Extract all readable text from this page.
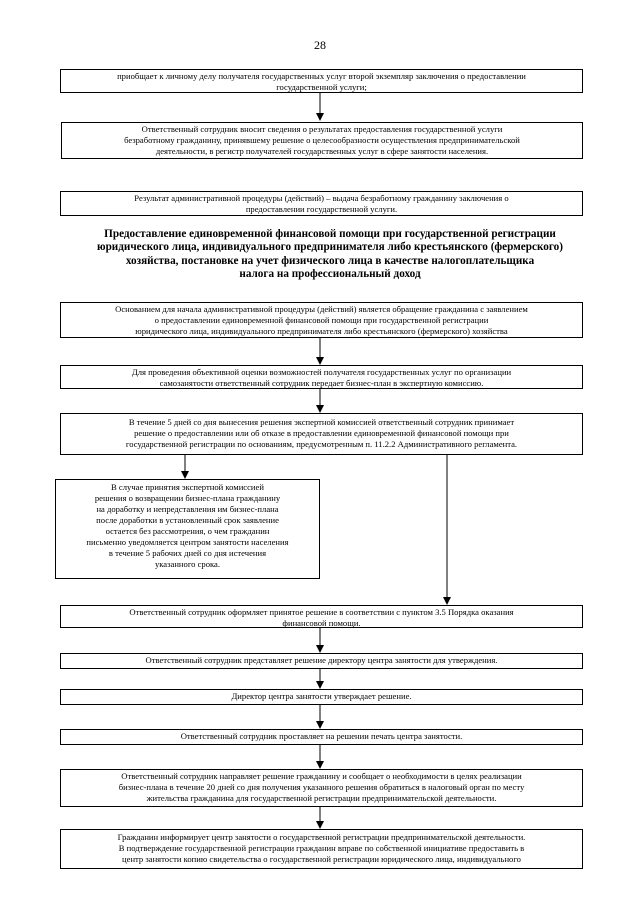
28
приобщает к личному делу получателя государственных услуг второй экземпляр заключения о предоставлении
государственной услуги;
Ответственный сотрудник вносит сведения о результатах предоставления государственной услуги
безработному гражданину, принявшему решение о целесообразности осуществления предпринимательской
деятельности, в регистр получателей государственных услуг в сфере занятости населения.
Результат административной процедуры (действий) – выдача безработному гражданину заключения о
предоставлении государственной услуги.
Предоставление единовременной финансовой помощи при государственной регистрации
юридического лица, индивидуального предпринимателя либо крестьянского (фермерского)
хозяйства, постановке на учет физического лица в качестве налогоплательщика
налога на профессиональный доход
Основанием для начала административной процедуры (действий) является обращение гражданина с заявлением
о предоставлении единовременной финансовой помощи при государственной регистрации
юридического лица, индивидуального предпринимателя либо крестьянского (фермерского) хозяйства
Для проведения объективной оценки возможностей получателя государственных услуг по организации
самозанятости ответственный сотрудник передает бизнес-план в экспертную комиссию.
В течение 5 дней со дня вынесения решения экспертной комиссией ответственный сотрудник принимает
решение о предоставлении или об отказе в предоставлении единовременной финансовой помощи при
государственной регистрации по основаниям, предусмотренным п. 11.2.2 Административного регламента.
В случае принятия экспертной комиссией
решения о возвращении бизнес-плана гражданину
на доработку и непредставления им бизнес-плана
после доработки в установленный срок заявление
остается без рассмотрения, о чем гражданин
письменно уведомляется центром занятости населения
в течение 5 рабочих дней со дня истечения
указанного срока.
Ответственный сотрудник оформляет принятое решение в соответствии с пунктом 3.5 Порядка оказания
финансовой помощи.
Ответственный сотрудник представляет решение директору центра занятости для утверждения.
Директор центра занятости утверждает решение.
Ответственный сотрудник проставляет на решении печать центра занятости.
Ответственный сотрудник направляет решение гражданину и сообщает о необходимости в целях реализации
бизнес-плана в течение 20 дней со дня получения указанного решения обратиться в налоговый орган по месту
жительства гражданина для государственной регистрации предпринимательской деятельности.
Гражданин информирует центр занятости о государственной регистрации предпринимательской деятельности.
В подтверждение государственной регистрации гражданин вправе по собственной инициативе предоставить в
центр занятости копию свидетельства о государственной регистрации юридического лица, индивидуального
